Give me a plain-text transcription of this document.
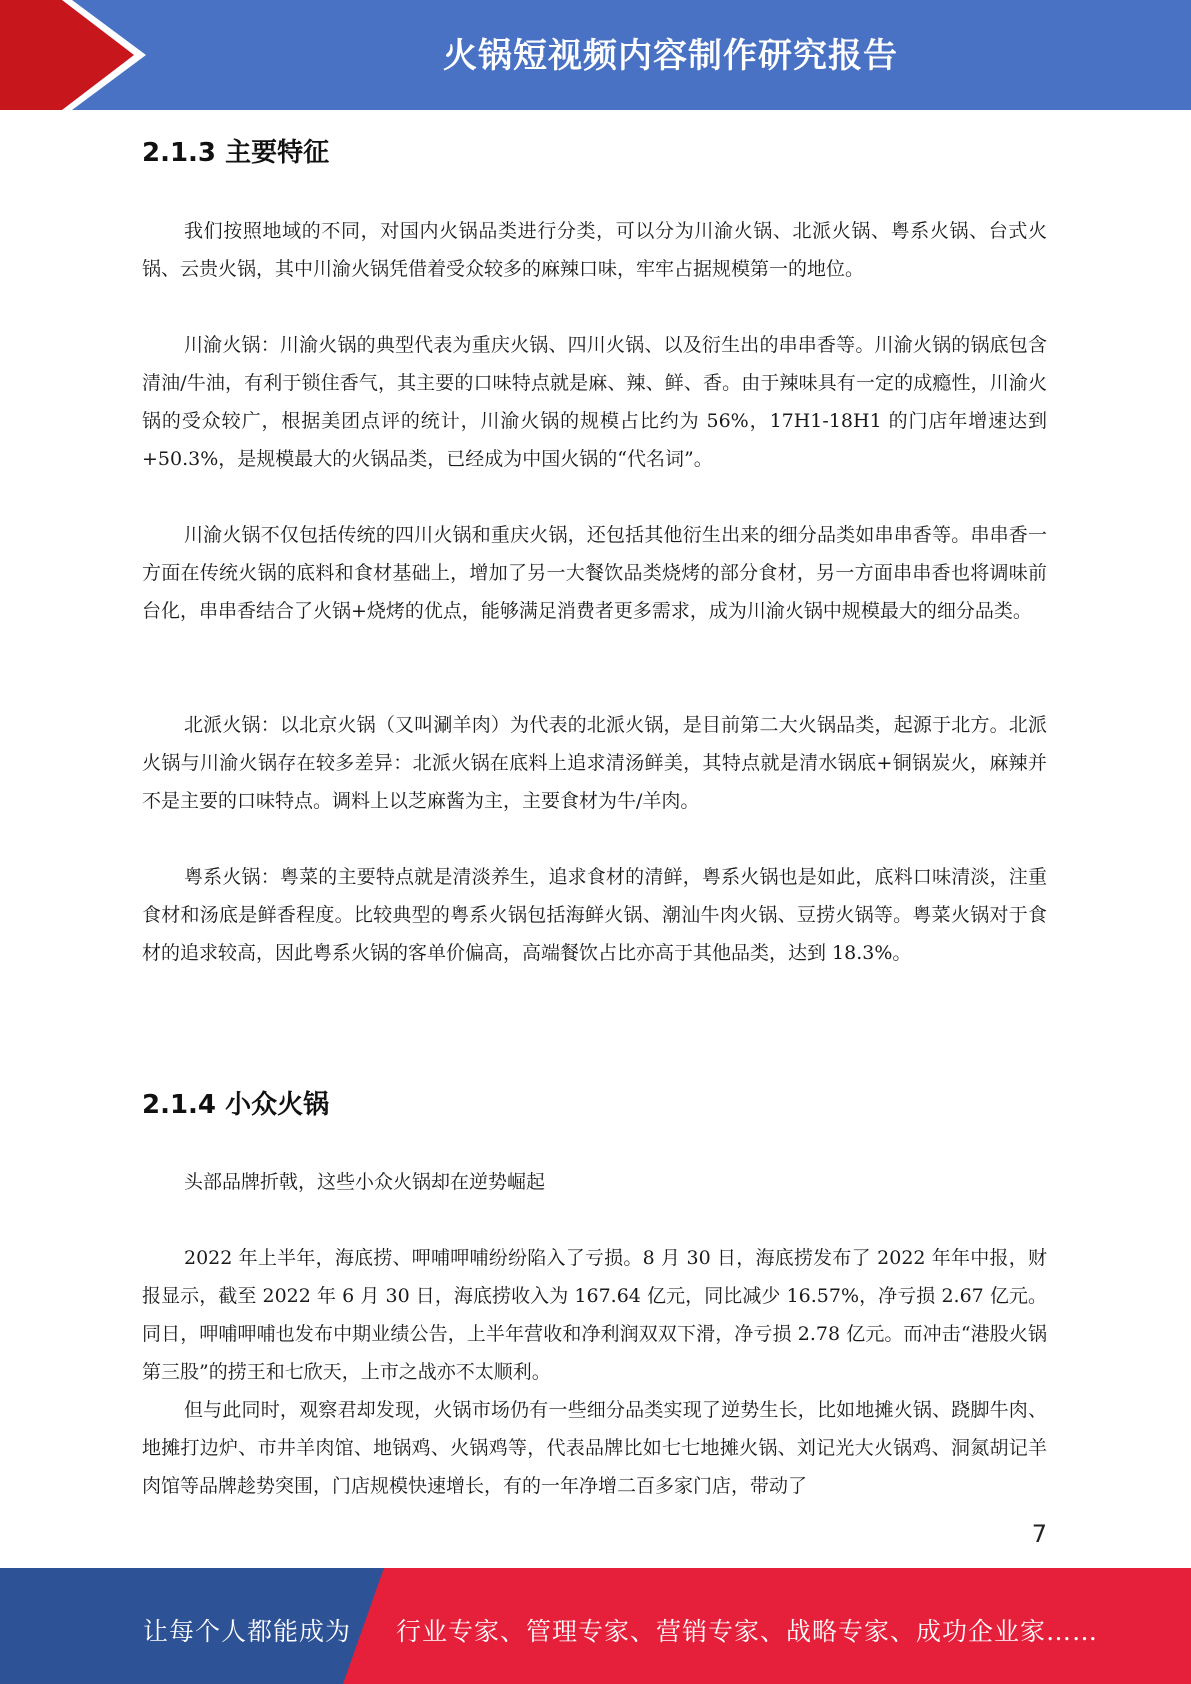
火锅短视频内容制作研究报告
2.1.3 主要特征

我们按照地域的不同，对国内火锅品类进行分类，可以分为川渝火锅、北派火锅、粤系火锅、台式火锅、云贵火锅，其中川渝火锅凭借着受众较多的麻辣口味，牢牢占据规模第一的地位。

川渝火锅：川渝火锅的典型代表为重庆火锅、四川火锅、以及衍生出的串串香等。川渝火锅的锅底包含清油/牛油，有利于锁住香气，其主要的口味特点就是麻、辣、鲜、香。由于辣味具有一定的成瘾性，川渝火锅的受众较广，根据美团点评的统计，川渝火锅的规模占比约为 56%，17H1-18H1 的门店年增速达到+50.3%，是规模最大的火锅品类，已经成为中国火锅的“代名词”。

川渝火锅不仅包括传统的四川火锅和重庆火锅，还包括其他衍生出来的细分品类如串串香等。串串香一方面在传统火锅的底料和食材基础上，增加了另一大餐饮品类烧烤的部分食材，另一方面串串香也将调味前台化，串串香结合了火锅+烧烤的优点，能够满足消费者更多需求，成为川渝火锅中规模最大的细分品类。

北派火锅：以北京火锅（又叫涮羊肉）为代表的北派火锅，是目前第二大火锅品类，起源于北方。北派火锅与川渝火锅存在较多差异：北派火锅在底料上追求清汤鲜美，其特点就是清水锅底+铜锅炭火，麻辣并不是主要的口味特点。调料上以芝麻酱为主，主要食材为牛/羊肉。

粤系火锅：粤菜的主要特点就是清淡养生，追求食材的清鲜，粤系火锅也是如此，底料口味清淡，注重食材和汤底是鲜香程度。比较典型的粤系火锅包括海鲜火锅、潮汕牛肉火锅、豆捞火锅等。粤菜火锅对于食材的追求较高，因此粤系火锅的客单价偏高，高端餐饮占比亦高于其他品类，达到 18.3%。

2.1.4 小众火锅

头部品牌折戟，这些小众火锅却在逆势崛起

2022 年上半年，海底捞、呷哺呷哺纷纷陷入了亏损。8 月 30 日，海底捞发布了 2022 年年中报，财报显示，截至 2022 年 6 月 30 日，海底捞收入为 167.64 亿元，同比减少 16.57%，净亏损 2.67 亿元。同日，呷哺呷哺也发布中期业绩公告，上半年营收和净利润双双下滑，净亏损 2.78 亿元。而冲击“港股火锅第三股”的捞王和七欣天，上市之战亦不太顺利。

但与此同时，观察君却发现，火锅市场仍有一些细分品类实现了逆势生长，比如地摊火锅、跷脚牛肉、地摊打边炉、市井羊肉馆、地锅鸡、火锅鸡等，代表品牌比如七七地摊火锅、刘记光大火锅鸡、洞氮胡记羊肉馆等品牌趁势突围，门店规模快速增长，有的一年净增二百多家门店，带动了

7
让每个人都能成为 行业专家、管理专家、营销专家、战略专家、成功企业家……
